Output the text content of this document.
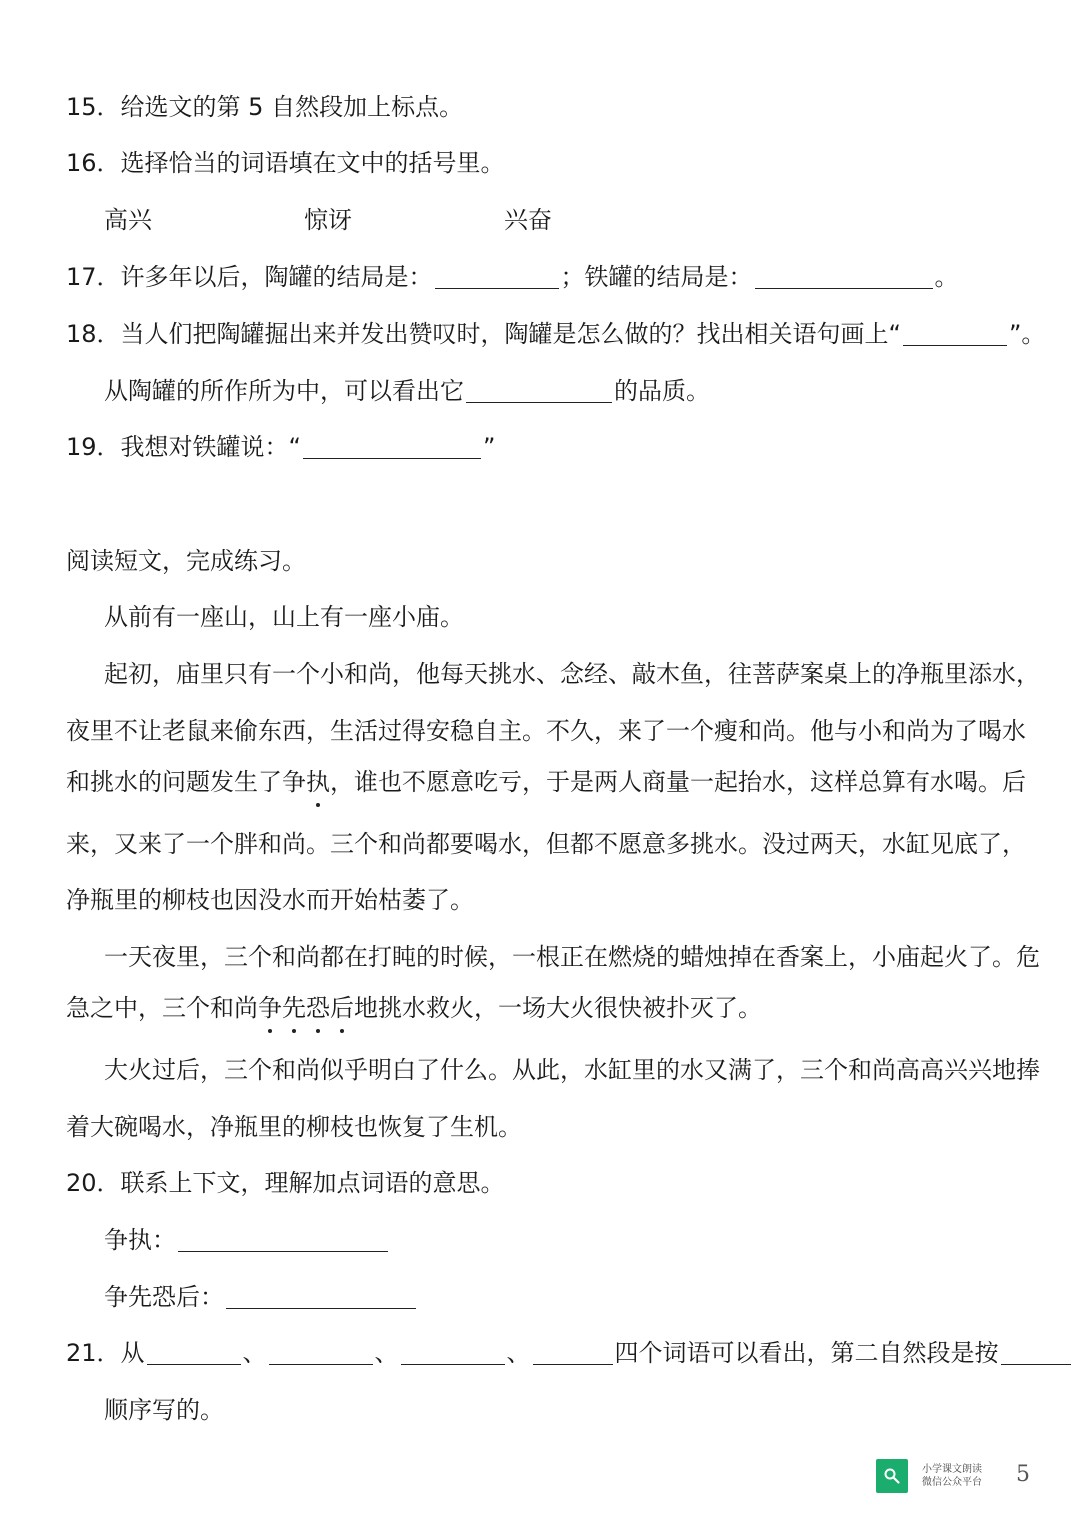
15．给选文的第 5 自然段加上标点。
16．选择恰当的词语填在文中的括号里。
高兴	惊讶	兴奋
17．许多年以后，陶罐的结局是：	；铁罐的结局是：	。
18．当人们把陶罐掘出来并发出赞叹时，陶罐是怎么做的？找出相关语句画上“	”。
从陶罐的所作所为中，可以看出它	的品质。
19．我想对铁罐说：“	”
阅读短文，完成练习。
从前有一座山，山上有一座小庙。
起初，庙里只有一个小和尚，他每天挑水、念经、敲木鱼，往菩萨案桌上的净瓶里添水，
夜里不让老鼠来偷东西，生活过得安稳自主。不久，来了一个瘦和尚。他与小和尚为了喝水
和挑水的问题发生了争执，谁也不愿意吃亏，于是两人商量一起抬水，这样总算有水喝。后
来，又来了一个胖和尚。三个和尚都要喝水，但都不愿意多挑水。没过两天，水缸见底了，
净瓶里的柳枝也因没水而开始枯萎了。
一天夜里，三个和尚都在打盹的时候，一根正在燃烧的蜡烛掉在香案上，小庙起火了。危
急之中，三个和尚争先恐后地挑水救火，一场大火很快被扑灭了。
大火过后，三个和尚似乎明白了什么。从此，水缸里的水又满了，三个和尚高高兴兴地捧
着大碗喝水，净瓶里的柳枝也恢复了生机。
20．联系上下文，理解加点词语的意思。
争执：
争先恐后：
21．从	、	、	、	四个词语可以看出，第二自然段是按
顺序写的。
小学课文朗读
微信公众平台 5
